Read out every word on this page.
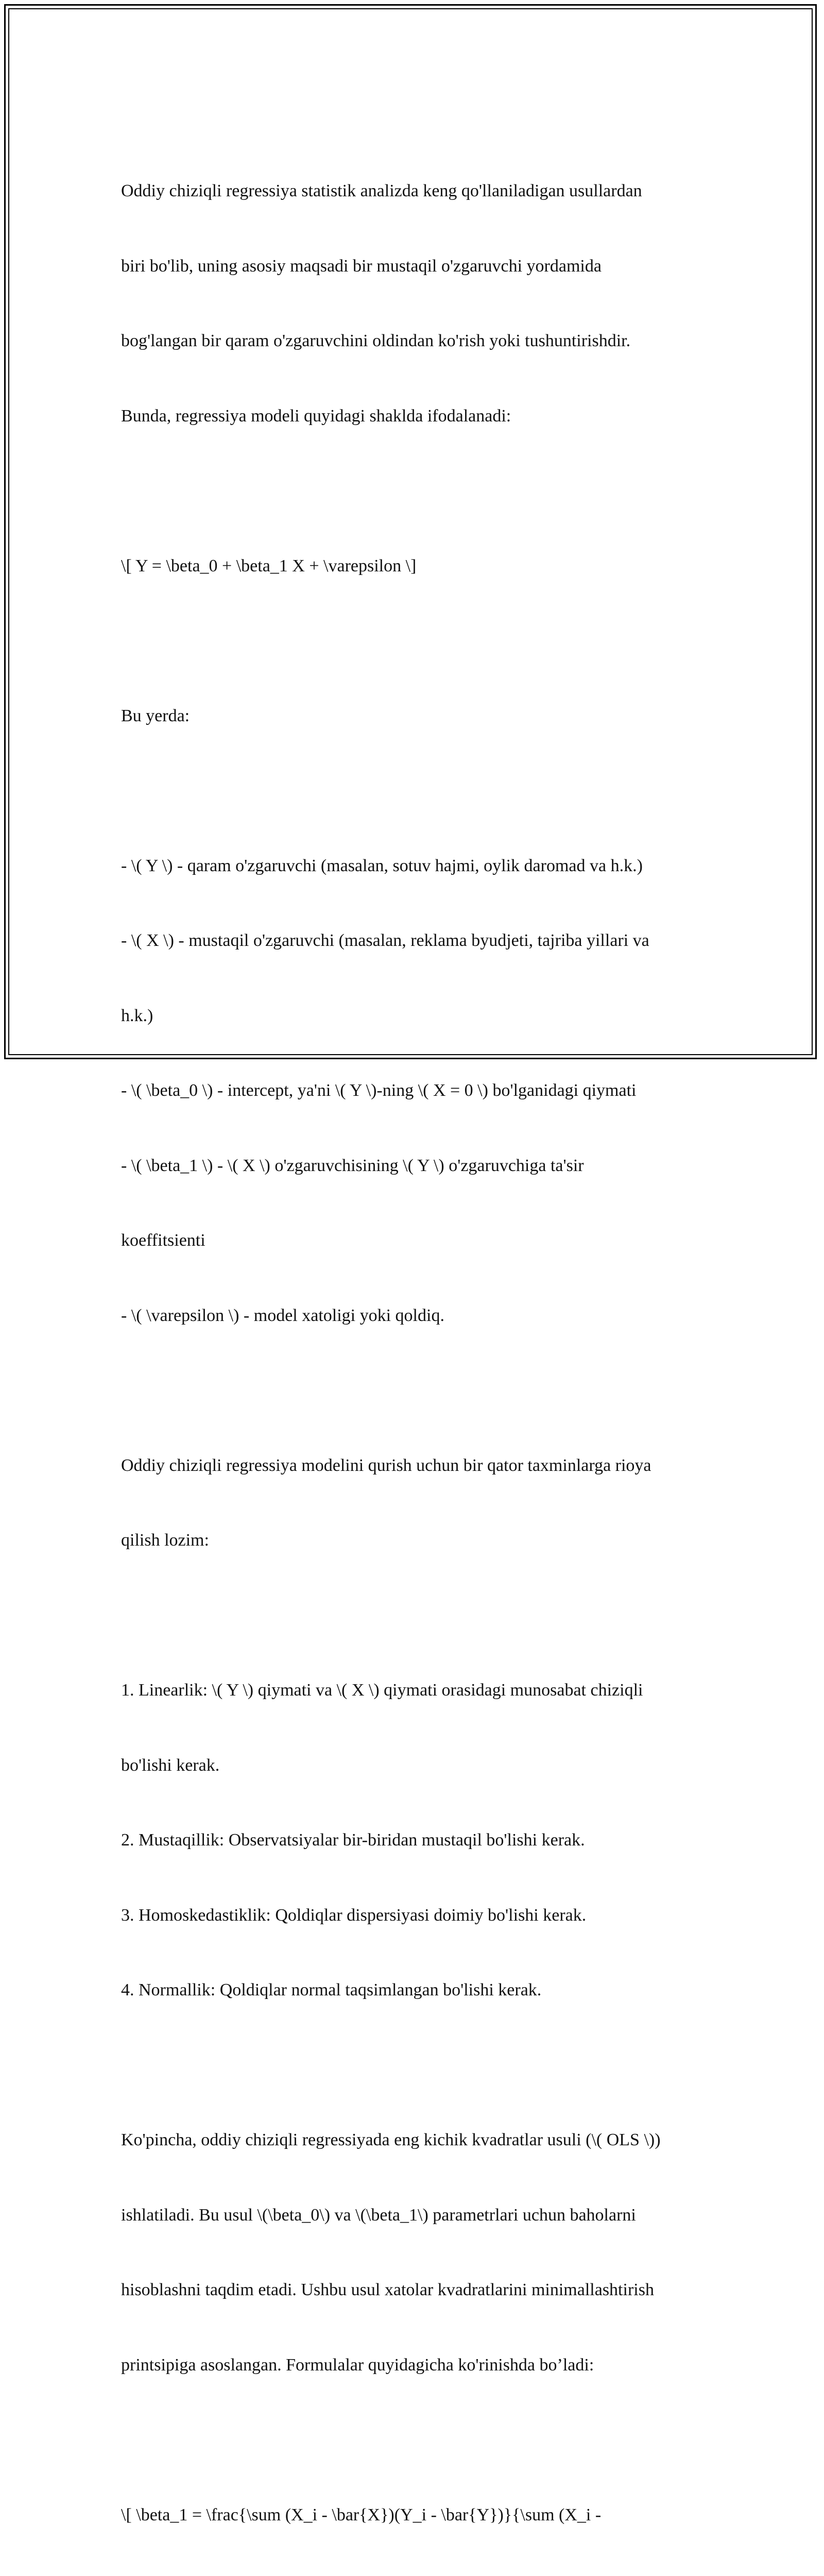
Oddiy chiziqli regressiya statistik analizda keng qo'llaniladigan usullardan

biri bo'lib, uning asosiy maqsadi bir mustaqil o'zgaruvchi yordamida

bog'langan bir qaram o'zgaruvchini oldindan ko'rish yoki tushuntirishdir.

Bunda, regressiya modeli quyidagi shaklda ifodalanadi:

\[ Y = \beta_0 + \beta_1 X + \varepsilon \]

Bu yerda:

- \( Y \) - qaram o'zgaruvchi (masalan, sotuv hajmi, oylik daromad va h.k.)

- \( X \) - mustaqil o'zgaruvchi (masalan, reklama byudjeti, tajriba yillari va

h.k.)

- \( \beta_0 \) - intercept, ya'ni \( Y \)-ning \( X = 0 \) bo'lganidagi qiymati

- \( \beta_1 \) - \( X \) o'zgaruvchisining \( Y \) o'zgaruvchiga ta'sir

koeffitsienti

- \( \varepsilon \) - model xatoligi yoki qoldiq.

Oddiy chiziqli regressiya modelini qurish uchun bir qator taxminlarga rioya

qilish lozim:

1. Linearlik: \( Y \) qiymati va \( X \) qiymati orasidagi munosabat chiziqli

bo'lishi kerak.

2. Mustaqillik: Observatsiyalar bir-biridan mustaqil bo'lishi kerak.

3. Homoskedastiklik: Qoldiqlar dispersiyasi doimiy bo'lishi kerak.

4. Normallik: Qoldiqlar normal taqsimlangan bo'lishi kerak.

Ko'pincha, oddiy chiziqli regressiyada eng kichik kvadratlar usuli (\( OLS \))

ishlatiladi. Bu usul \(\beta_0\) va \(\beta_1\) parametrlari uchun baholarni

hisoblashni taqdim etadi. Ushbu usul xatolar kvadratlarini minimallashtirish

printsipiga asoslangan. Formulalar quyidagicha ko'rinishda bo’ladi:

\[ \beta_1 = \frac{\sum (X_i - \bar{X})(Y_i - \bar{Y})}{\sum (X_i -
